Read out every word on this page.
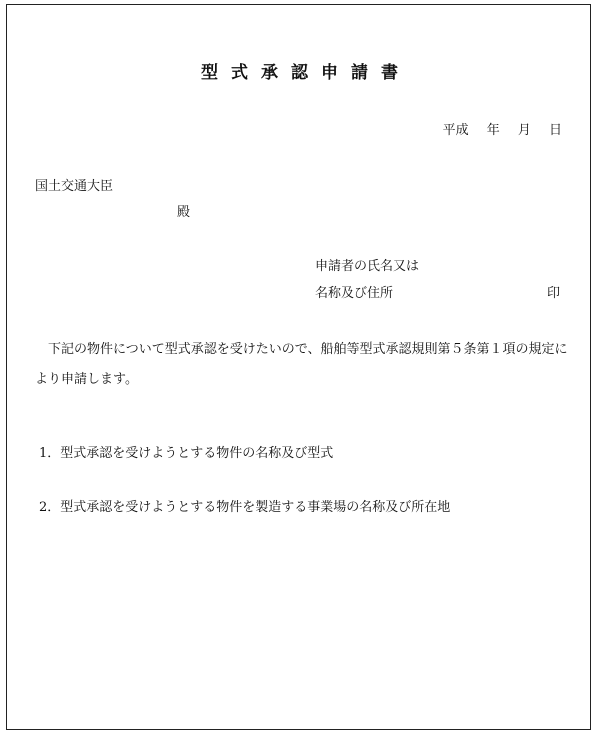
型式承認申請書
平成 年 月 日
国土交通大臣
殿
申請者の氏名又は
名称及び住所	印
下記の物件について型式承認を受けたいので、船舶等型式承認規則第５条第１項の規定により申請します。
1．型式承認を受けようとする物件の名称及び型式
2．型式承認を受けようとする物件を製造する事業場の名称及び所在地
